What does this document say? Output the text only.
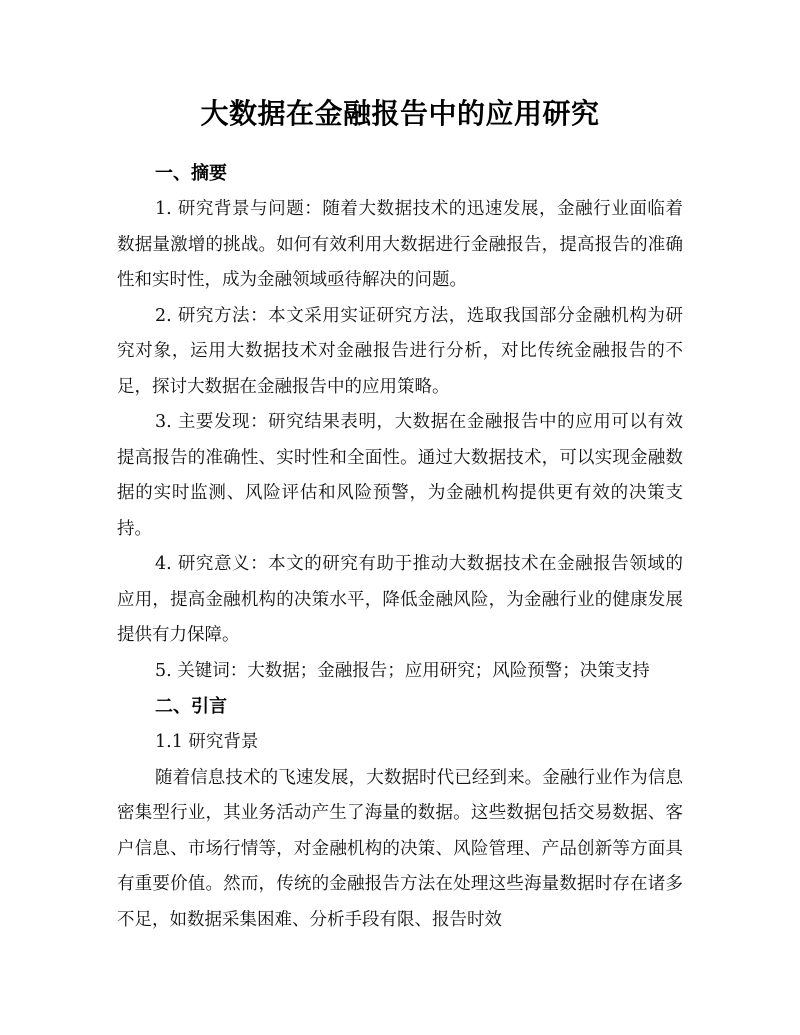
大数据在金融报告中的应用研究
一、摘要

1. 研究背景与问题：随着大数据技术的迅速发展，金融行业面临着数据量激增的挑战。如何有效利用大数据进行金融报告，提高报告的准确性和实时性，成为金融领域亟待解决的问题。

2. 研究方法：本文采用实证研究方法，选取我国部分金融机构为研究对象，运用大数据技术对金融报告进行分析，对比传统金融报告的不足，探讨大数据在金融报告中的应用策略。

3. 主要发现：研究结果表明，大数据在金融报告中的应用可以有效提高报告的准确性、实时性和全面性。通过大数据技术，可以实现金融数据的实时监测、风险评估和风险预警，为金融机构提供更有效的决策支持。

4. 研究意义：本文的研究有助于推动大数据技术在金融报告领域的应用，提高金融机构的决策水平，降低金融风险，为金融行业的健康发展提供有力保障。

5. 关键词：大数据；金融报告；应用研究；风险预警；决策支持

二、引言

1.1 研究背景

随着信息技术的飞速发展，大数据时代已经到来。金融行业作为信息密集型行业，其业务活动产生了海量的数据。这些数据包括交易数据、客户信息、市场行情等，对金融机构的决策、风险管理、产品创新等方面具有重要价值。然而，传统的金融报告方法在处理这些海量数据时存在诸多不足，如数据采集困难、分析手段有限、报告时效
